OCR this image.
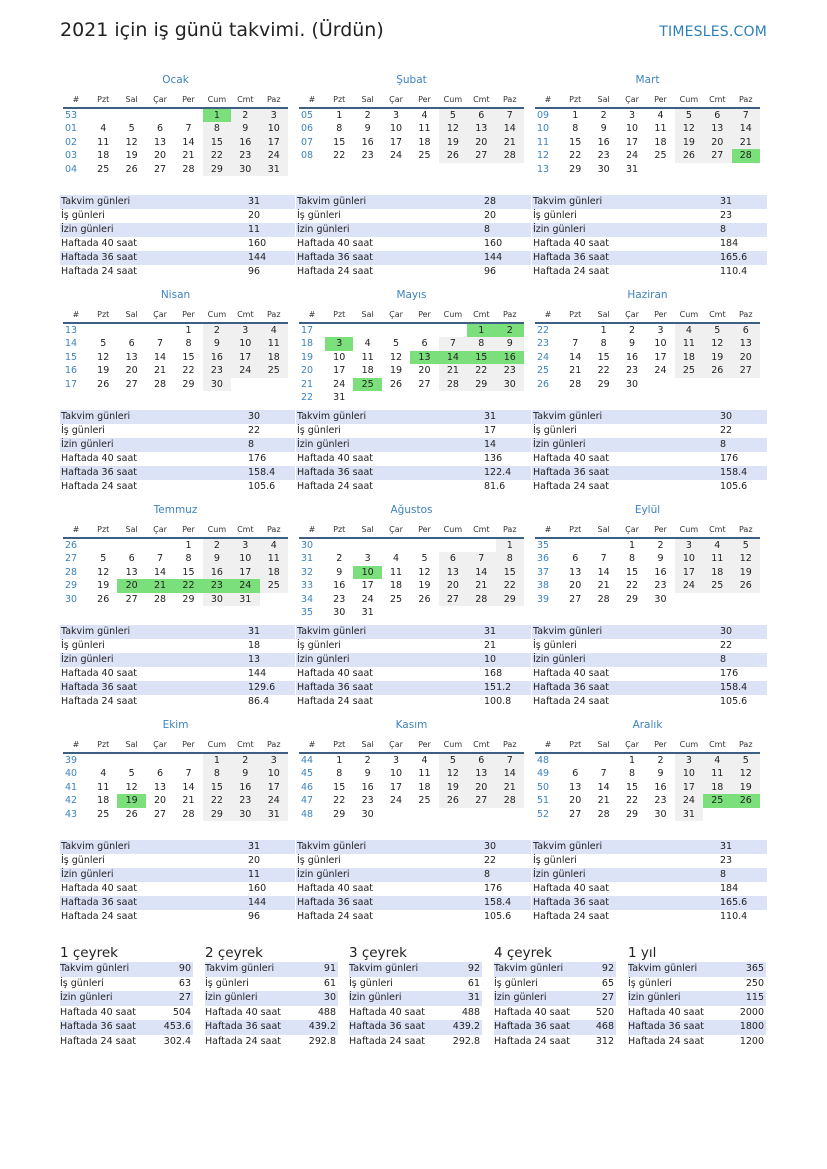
2021 için iş günü takvimi. (Ürdün)	TIMESLES.COM
Ocak
#	Pzt	Sal	Çar	Per	Cum	Cmt	Paz
53					1	2	3
01	4	5	6	7	8	9	10
02	11	12	13	14	15	16	17
03	18	19	20	21	22	23	24
04	25	26	27	28	29	30	31
Takvim günleri	31
İş günleri	20
İzin günleri	11
Haftada 40 saat	160
Haftada 36 saat	144
Haftada 24 saat	96
Şubat
#	Pzt	Sal	Çar	Per	Cum	Cmt	Paz
05	1	2	3	4	5	6	7
06	8	9	10	11	12	13	14
07	15	16	17	18	19	20	21
08	22	23	24	25	26	27	28
Takvim günleri	28
İş günleri	20
İzin günleri	8
Haftada 40 saat	160
Haftada 36 saat	144
Haftada 24 saat	96
Mart
#	Pzt	Sal	Çar	Per	Cum	Cmt	Paz
09	1	2	3	4	5	6	7
10	8	9	10	11	12	13	14
11	15	16	17	18	19	20	21
12	22	23	24	25	26	27	28
13	29	30	31				
Takvim günleri	31
İş günleri	23
İzin günleri	8
Haftada 40 saat	184
Haftada 36 saat	165.6
Haftada 24 saat	110.4
Nisan
#	Pzt	Sal	Çar	Per	Cum	Cmt	Paz
13				1	2	3	4
14	5	6	7	8	9	10	11
15	12	13	14	15	16	17	18
16	19	20	21	22	23	24	25
17	26	27	28	29	30		
Takvim günleri	30
İş günleri	22
İzin günleri	8
Haftada 40 saat	176
Haftada 36 saat	158.4
Haftada 24 saat	105.6
Mayıs
#	Pzt	Sal	Çar	Per	Cum	Cmt	Paz
17						1	2
18	3	4	5	6	7	8	9
19	10	11	12	13	14	15	16
20	17	18	19	20	21	22	23
21	24	25	26	27	28	29	30
22	31						
Takvim günleri	31
İş günleri	17
İzin günleri	14
Haftada 40 saat	136
Haftada 36 saat	122.4
Haftada 24 saat	81.6
Haziran
#	Pzt	Sal	Çar	Per	Cum	Cmt	Paz
22		1	2	3	4	5	6
23	7	8	9	10	11	12	13
24	14	15	16	17	18	19	20
25	21	22	23	24	25	26	27
26	28	29	30				
Takvim günleri	30
İş günleri	22
İzin günleri	8
Haftada 40 saat	176
Haftada 36 saat	158.4
Haftada 24 saat	105.6
Temmuz
#	Pzt	Sal	Çar	Per	Cum	Cmt	Paz
26				1	2	3	4
27	5	6	7	8	9	10	11
28	12	13	14	15	16	17	18
29	19	20	21	22	23	24	25
30	26	27	28	29	30	31	
Takvim günleri	31
İş günleri	18
İzin günleri	13
Haftada 40 saat	144
Haftada 36 saat	129.6
Haftada 24 saat	86.4
Ağustos
#	Pzt	Sal	Çar	Per	Cum	Cmt	Paz
30							1
31	2	3	4	5	6	7	8
32	9	10	11	12	13	14	15
33	16	17	18	19	20	21	22
34	23	24	25	26	27	28	29
35	30	31					
Takvim günleri	31
İş günleri	21
İzin günleri	10
Haftada 40 saat	168
Haftada 36 saat	151.2
Haftada 24 saat	100.8
Eylül
#	Pzt	Sal	Çar	Per	Cum	Cmt	Paz
35			1	2	3	4	5
36	6	7	8	9	10	11	12
37	13	14	15	16	17	18	19
38	20	21	22	23	24	25	26
39	27	28	29	30			
Takvim günleri	30
İş günleri	22
İzin günleri	8
Haftada 40 saat	176
Haftada 36 saat	158.4
Haftada 24 saat	105.6
Ekim
#	Pzt	Sal	Çar	Per	Cum	Cmt	Paz
39					1	2	3
40	4	5	6	7	8	9	10
41	11	12	13	14	15	16	17
42	18	19	20	21	22	23	24
43	25	26	27	28	29	30	31
Takvim günleri	31
İş günleri	20
İzin günleri	11
Haftada 40 saat	160
Haftada 36 saat	144
Haftada 24 saat	96
Kasım
#	Pzt	Sal	Çar	Per	Cum	Cmt	Paz
44	1	2	3	4	5	6	7
45	8	9	10	11	12	13	14
46	15	16	17	18	19	20	21
47	22	23	24	25	26	27	28
48	29	30					
Takvim günleri	30
İş günleri	22
İzin günleri	8
Haftada 40 saat	176
Haftada 36 saat	158.4
Haftada 24 saat	105.6
Aralık
#	Pzt	Sal	Çar	Per	Cum	Cmt	Paz
48			1	2	3	4	5
49	6	7	8	9	10	11	12
50	13	14	15	16	17	18	19
51	20	21	22	23	24	25	26
52	27	28	29	30	31		
Takvim günleri	31
İş günleri	23
İzin günleri	8
Haftada 40 saat	184
Haftada 36 saat	165.6
Haftada 24 saat	110.4
1 çeyrek
Takvim günleri	90
İş günleri	63
İzin günleri	27
Haftada 40 saat	504
Haftada 36 saat	453.6
Haftada 24 saat	302.4
2 çeyrek
Takvim günleri	91
İş günleri	61
İzin günleri	30
Haftada 40 saat	488
Haftada 36 saat	439.2
Haftada 24 saat	292.8
3 çeyrek
Takvim günleri	92
İş günleri	61
İzin günleri	31
Haftada 40 saat	488
Haftada 36 saat	439.2
Haftada 24 saat	292.8
4 çeyrek
Takvim günleri	92
İş günleri	65
İzin günleri	27
Haftada 40 saat	520
Haftada 36 saat	468
Haftada 24 saat	312
1 yıl
Takvim günleri	365
İş günleri	250
İzin günleri	115
Haftada 40 saat	2000
Haftada 36 saat	1800
Haftada 24 saat	1200
